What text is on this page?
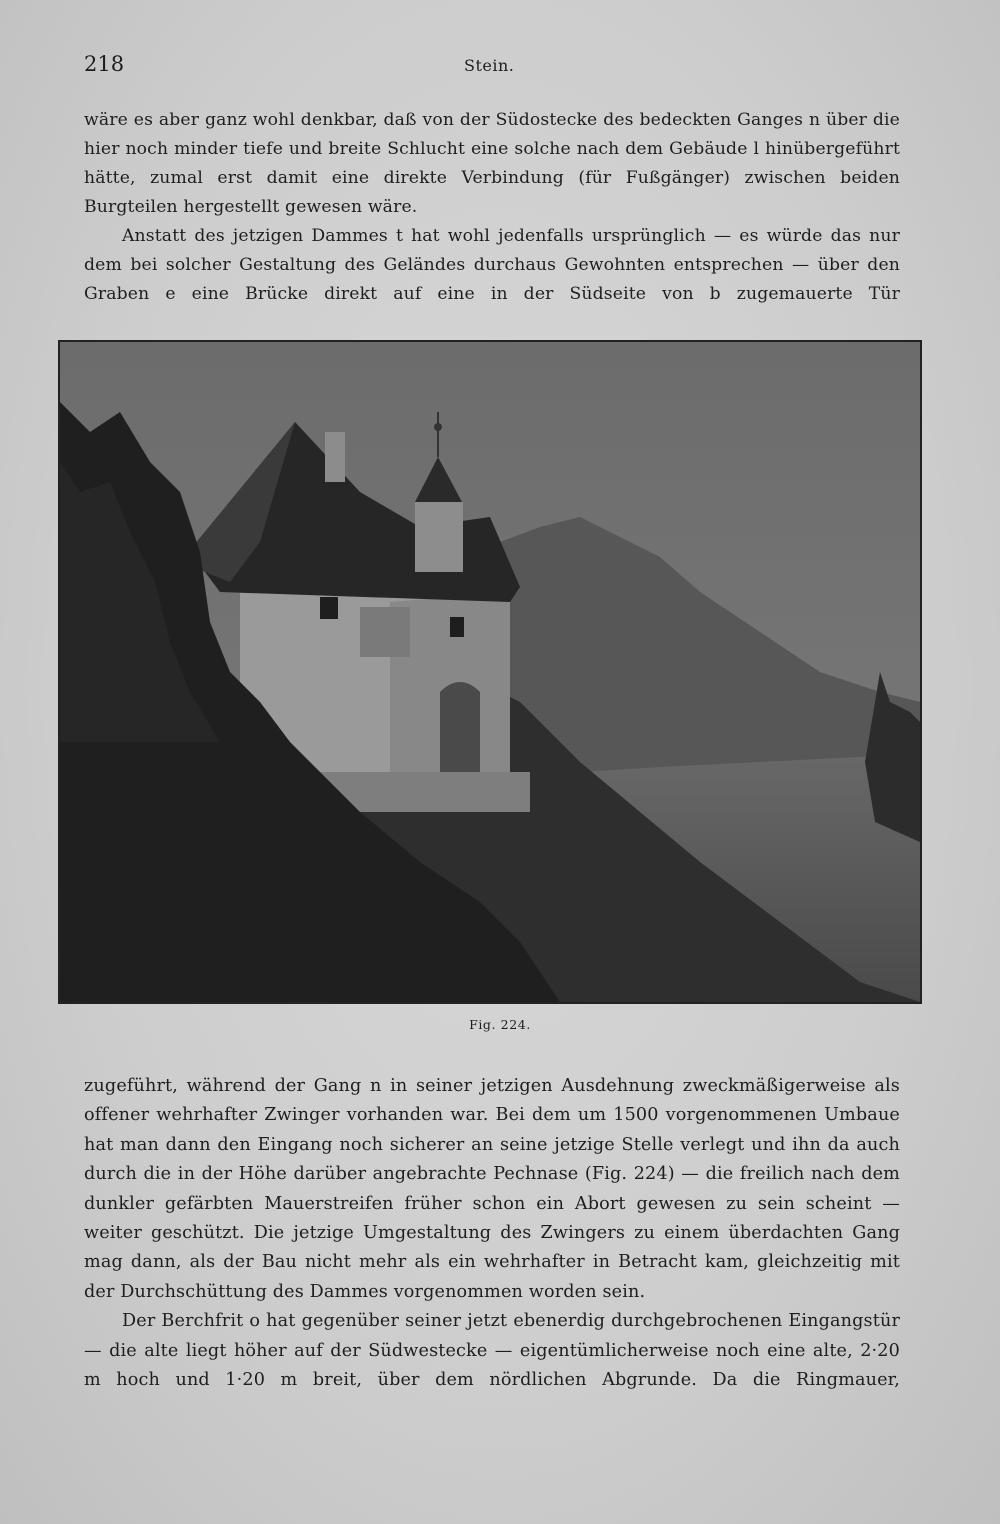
218	Stein.

wäre es aber ganz wohl denkbar, daß von der Südostecke des bedeckten Ganges n über die hier noch minder tiefe und breite Schlucht eine solche nach dem Gebäude l hinübergeführt hätte, zumal erst damit eine direkte Verbindung (für Fußgänger) zwischen beiden Burgteilen hergestellt gewesen wäre.

Anstatt des jetzigen Dammes t hat wohl jedenfalls ursprünglich — es würde das nur dem bei solcher Gestaltung des Geländes durchaus Gewohnten entsprechen — über den Graben e eine Brücke direkt auf eine in der Südseite von b zugemauerte Tür

Fig. 224.

zugeführt, während der Gang n in seiner jetzigen Ausdehnung zweckmäßigerweise als offener wehrhafter Zwinger vorhanden war. Bei dem um 1500 vorgenommenen Umbaue hat man dann den Eingang noch sicherer an seine jetzige Stelle verlegt und ihn da auch durch die in der Höhe darüber angebrachte Pechnase (Fig. 224) — die freilich nach dem dunkler gefärbten Mauerstreifen früher schon ein Abort gewesen zu sein scheint — weiter geschützt. Die jetzige Umgestaltung des Zwingers zu einem überdachten Gang mag dann, als der Bau nicht mehr als ein wehrhafter in Betracht kam, gleichzeitig mit der Durchschüttung des Dammes vorgenommen worden sein.

Der Berchfrit o hat gegenüber seiner jetzt ebenerdig durchgebrochenen Eingangstür — die alte liegt höher auf der Südwestecke — eigentümlicherweise noch eine alte, 2·20 m hoch und 1·20 m breit, über dem nördlichen Abgrunde. Da die Ringmauer,
